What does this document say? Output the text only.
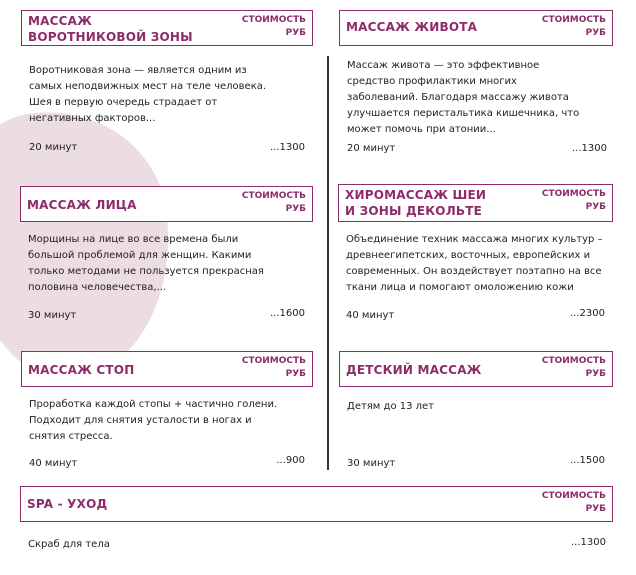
МАССАЖ ВОРОТНИКОВОЙ ЗОНЫ
СТОИМОСТЬ
РУБ
Воротниковая зона — является одним из самых неподвижных мест на теле человека. Шея в первую очередь страдает от негативных факторов...
20 минут	...1300
МАССАЖ ЖИВОТА	СТОИМОСТЬ
РУБ
Массаж живота — это эффективное средство профилактики многих заболеваний. Благодаря массажу живота улучшается перистальтика кишечника, что может помочь при атонии...
20 минут	...1300
МАССАЖ ЛИЦА
СТОИМОСТЬ
РУБ
Морщины на лице во все времена были большой проблемой для женщин. Какими только методами не пользуется прекрасная половина человечества,...
30 минут	...1600
ХИРОМАССАЖ ШЕИ И ЗОНЫ ДЕКОЛЬТЕ
СТОИМОСТЬ
РУБ
Объединение техник массажа многих культур – древнеегипетских, восточных, европейских и современных. Он воздействует поэтапно на все ткани лица и помогают омоложению кожи
40 минут	...2300
МАССАЖ СТОП
СТОИМОСТЬ
РУБ
Проработка каждой стопы + частично голени. Подходит для снятия усталости в ногах и снятия стресса.
40 минут	...900
ДЕТСКИЙ МАССАЖ
СТОИМОСТЬ
РУБ
Детям до 13 лет
30 минут	...1500
SPA - УХОД
СТОИМОСТЬ
РУБ
Скраб для тела	...1300
